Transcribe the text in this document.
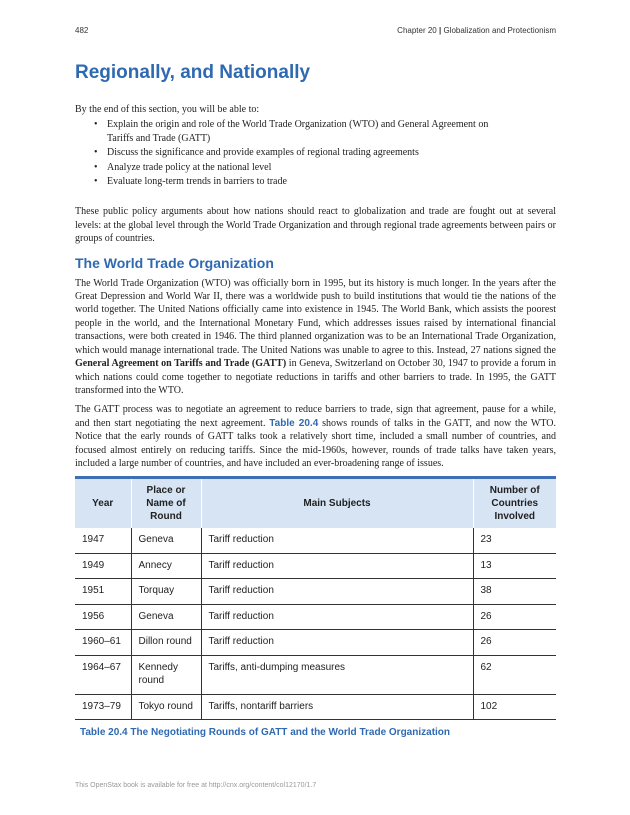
482	Chapter 20 | Globalization and Protectionism
Regionally, and Nationally
By the end of this section, you will be able to:
• Explain the origin and role of the World Trade Organization (WTO) and General Agreement on Tariffs and Trade (GATT)
• Discuss the significance and provide examples of regional trading agreements
• Analyze trade policy at the national level
• Evaluate long-term trends in barriers to trade

These public policy arguments about how nations should react to globalization and trade are fought out at several levels: at the global level through the World Trade Organization and through regional trade agreements between pairs or groups of countries.

The World Trade Organization

The World Trade Organization (WTO) was officially born in 1995, but its history is much longer. In the years after the Great Depression and World War II, there was a worldwide push to build institutions that would tie the nations of the world together. The United Nations officially came into existence in 1945. The World Bank, which assists the poorest people in the world, and the International Monetary Fund, which addresses issues raised by international financial transactions, were both created in 1946. The third planned organization was to be an International Trade Organization, which would manage international trade. The United Nations was unable to agree to this. Instead, 27 nations signed the General Agreement on Tariffs and Trade (GATT) in Geneva, Switzerland on October 30, 1947 to provide a forum in which nations could come together to negotiate reductions in tariffs and other barriers to trade. In 1995, the GATT transformed into the WTO.

The GATT process was to negotiate an agreement to reduce barriers to trade, sign that agreement, pause for a while, and then start negotiating the next agreement. Table 20.4 shows rounds of talks in the GATT, and now the WTO. Notice that the early rounds of GATT talks took a relatively short time, included a small number of countries, and focused almost entirely on reducing tariffs. Since the mid-1960s, however, rounds of trade talks have taken years, included a large number of countries, and have included an ever-broadening range of issues.

Year	Place or Name of Round	Main Subjects	Number of Countries Involved
1947	Geneva	Tariff reduction	23
1949	Annecy	Tariff reduction	13
1951	Torquay	Tariff reduction	38
1956	Geneva	Tariff reduction	26
1960–61	Dillon round	Tariff reduction	26
1964–67	Kennedy round	Tariffs, anti-dumping measures	62
1973–79	Tokyo round	Tariffs, nontariff barriers	102
Table 20.4 The Negotiating Rounds of GATT and the World Trade Organization
This OpenStax book is available for free at http://cnx.org/content/col12170/1.7
